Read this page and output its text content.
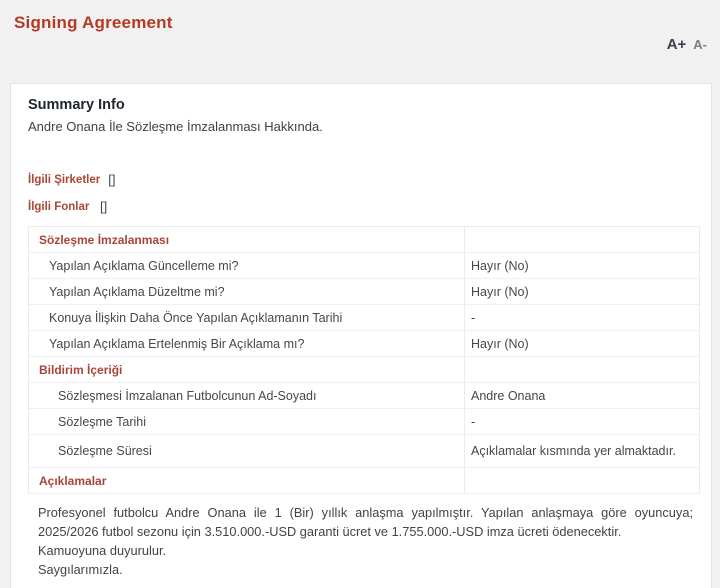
Signing Agreement
A+ A-
Summary Info
Andre Onana İle Sözleşme İmzalanması Hakkında.
İlgili Şirketler []
İlgili Fonlar []
Sözleşme İmzalanması	
Yapılan Açıklama Güncelleme mi?	Hayır (No)
Yapılan Açıklama Düzeltme mi?	Hayır (No)
Konuya İlişkin Daha Önce Yapılan Açıklamanın Tarihi	-
Yapılan Açıklama Ertelenmiş Bir Açıklama mı?	Hayır (No)
Bildirim İçeriği	
Sözleşmesi İmzalanan Futbolcunun Ad-Soyadı	Andre Onana
Sözleşme Tarihi	-
Sözleşme Süresi	Açıklamalar kısmında yer almaktadır.
Açıklamalar	
Profesyonel futbolcu Andre Onana ile 1 (Bir) yıllık anlaşma yapılmıştır. Yapılan anlaşmaya göre oyuncuya; 2025/2026 futbol sezonu için 3.510.000.-USD garanti ücret ve 1.755.000.-USD imza ücreti ödenecektir.
Kamuoyuna duyurulur.
Saygılarımızla.
